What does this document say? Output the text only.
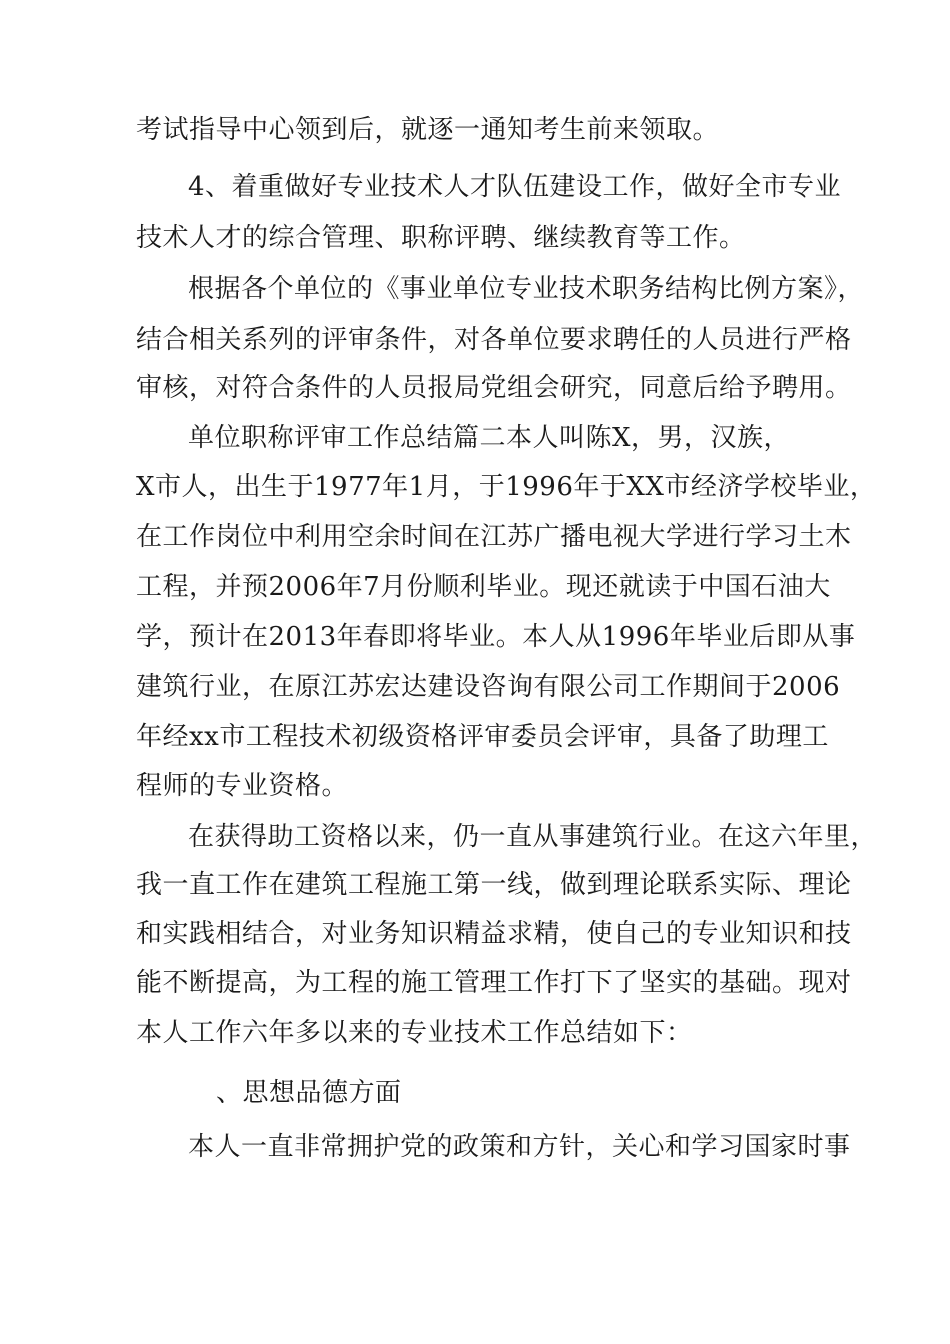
考试指导中心领到后，就逐一通知考生前来领取。
4、着重做好专业技术人才队伍建设工作，做好全市专业
技术人才的综合管理、职称评聘、继续教育等工作。
根据各个单位的《事业单位专业技术职务结构比例方案》，
结合相关系列的评审条件，对各单位要求聘任的人员进行严格
审核，对符合条件的人员报局党组会研究，同意后给予聘用。
单位职称评审工作总结篇二本人叫陈X，男，汉族，
X市人，出生于1977年1月，于1996年于XX市经济学校毕业，
在工作岗位中利用空余时间在江苏广播电视大学进行学习土木
工程，并预2006年7月份顺利毕业。现还就读于中国石油大
学，预计在2013年春即将毕业。本人从1996年毕业后即从事
建筑行业，在原江苏宏达建设咨询有限公司工作期间于2006
年经xx市工程技术初级资格评审委员会评审，具备了助理工
程师的专业资格。
在获得助工资格以来，仍一直从事建筑行业。在这六年里，
我一直工作在建筑工程施工第一线，做到理论联系实际、理论
和实践相结合，对业务知识精益求精，使自己的专业知识和技
能不断提高，为工程的施工管理工作打下了坚实的基础。现对
本人工作六年多以来的专业技术工作总结如下：
、思想品德方面
本人一直非常拥护党的政策和方针，关心和学习国家时事
